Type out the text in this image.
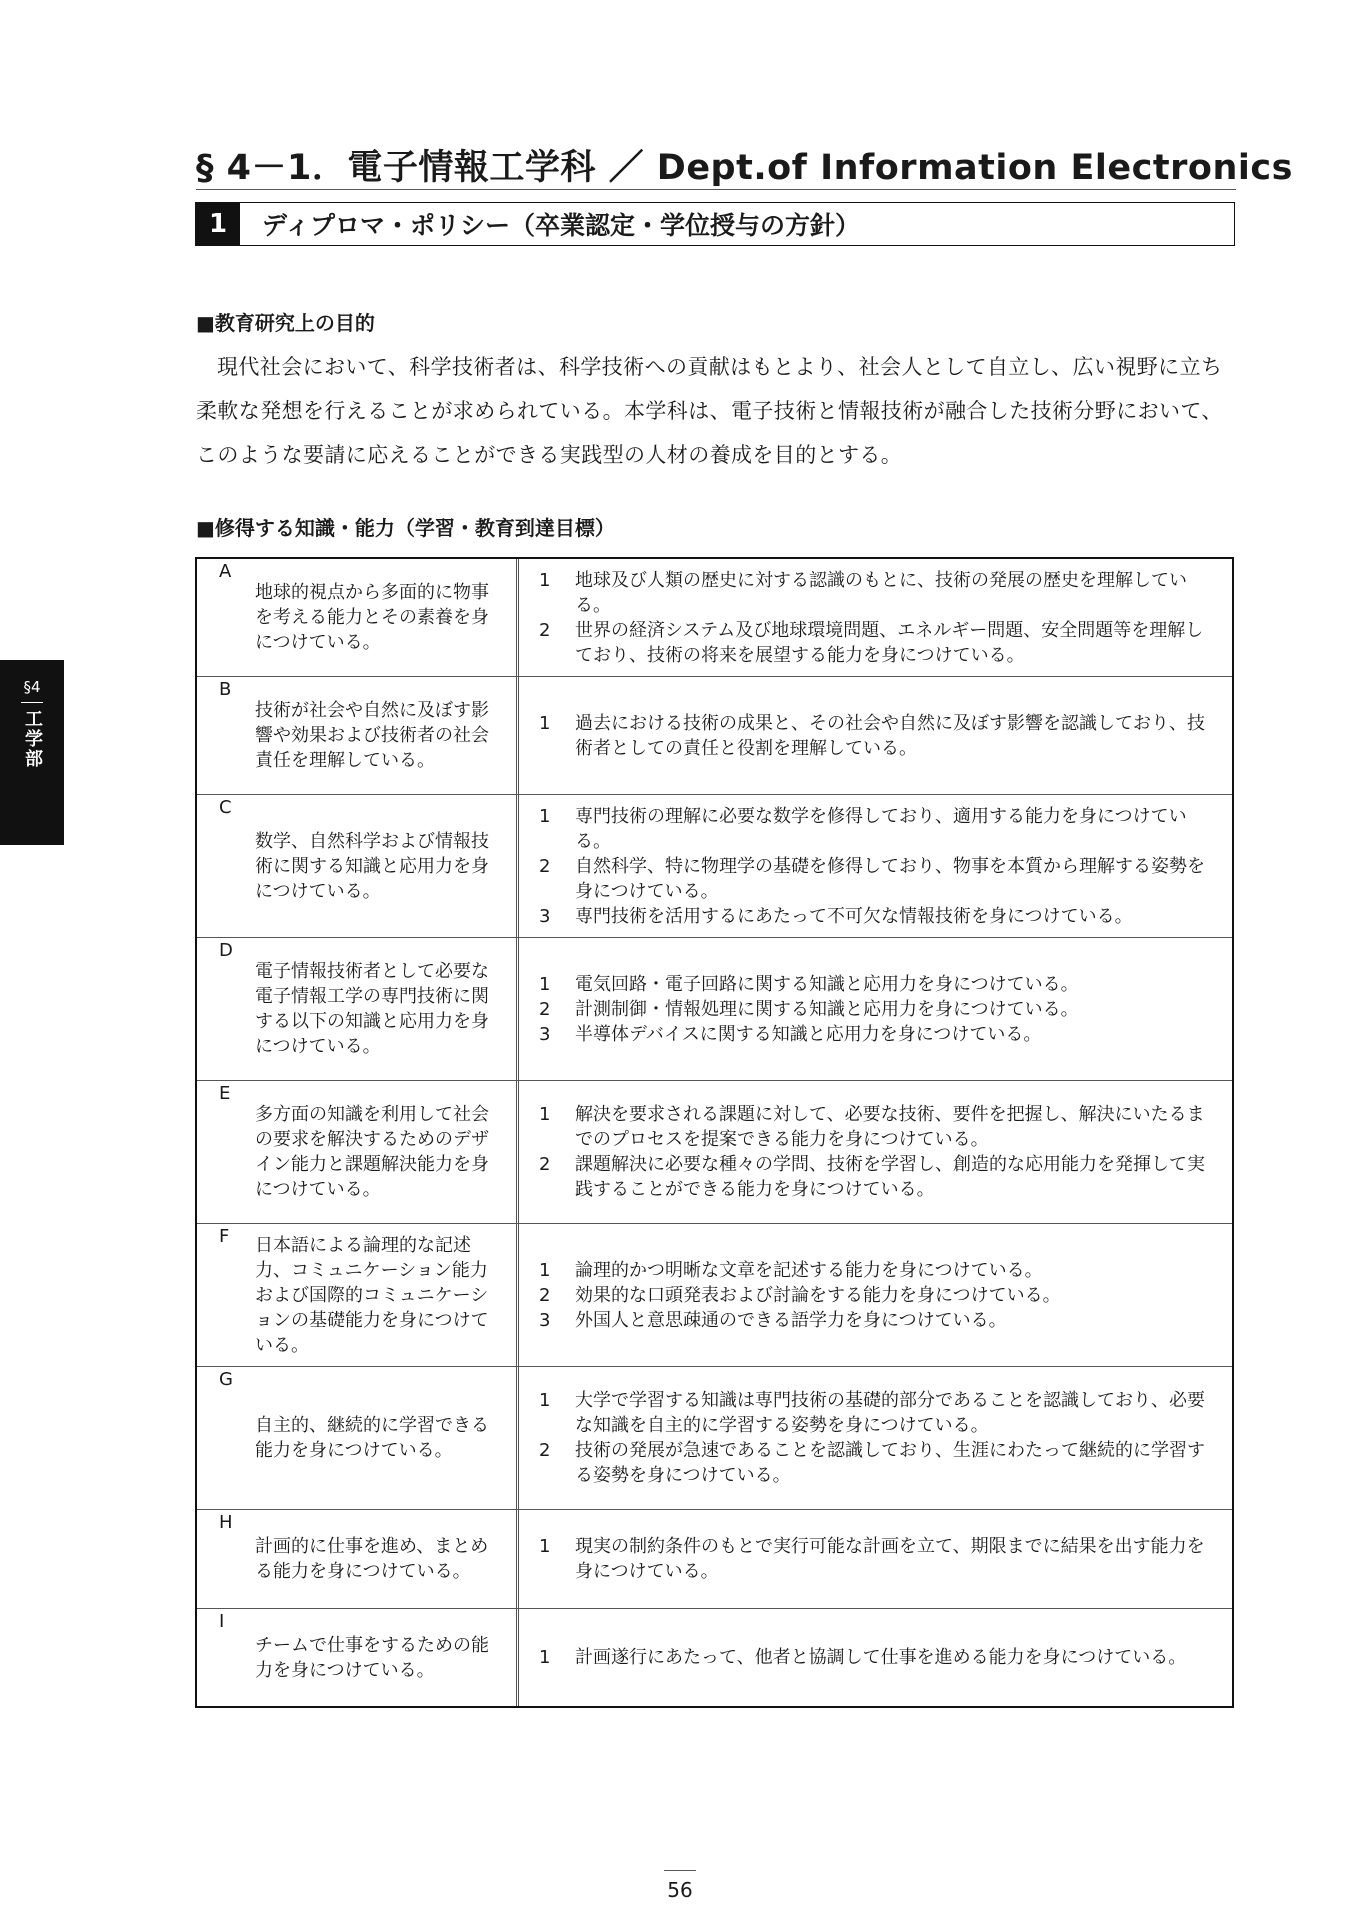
§ 4－1．電子情報工学科 ／ Dept.of Information Electronics
1	ディプロマ・ポリシー（卒業認定・学位授与の方針）
■教育研究上の目的
現代社会において、科学技術者は、科学技術への貢献はもとより、社会人として自立し、広い視野に立ち柔軟な発想を行えることが求められている。本学科は、電子技術と情報技術が融合した技術分野において、このような要請に応えることができる実践型の人材の養成を目的とする。
■修得する知識・能力（学習・教育到達目標）
§4
工学部
A
地球的視点から多面的に物事を考える能力とその素養を身につけている。
1	地球及び人類の歴史に対する認識のもとに、技術の発展の歴史を理解している。
2	世界の経済システム及び地球環境問題、エネルギー問題、安全問題等を理解しており、技術の将来を展望する能力を身につけている。
B
技術が社会や自然に及ぼす影響や効果および技術者の社会責任を理解している。
1	過去における技術の成果と、その社会や自然に及ぼす影響を認識しており、技術者としての責任と役割を理解している。
C
数学、自然科学および情報技術に関する知識と応用力を身につけている。
1	専門技術の理解に必要な数学を修得しており、適用する能力を身につけている。
2	自然科学、特に物理学の基礎を修得しており、物事を本質から理解する姿勢を身につけている。
3	専門技術を活用するにあたって不可欠な情報技術を身につけている。
D
電子情報技術者として必要な電子情報工学の専門技術に関する以下の知識と応用力を身につけている。
1	電気回路・電子回路に関する知識と応用力を身につけている。
2	計測制御・情報処理に関する知識と応用力を身につけている。
3	半導体デバイスに関する知識と応用力を身につけている。
E
多方面の知識を利用して社会の要求を解決するためのデザイン能力と課題解決能力を身につけている。
1	解決を要求される課題に対して、必要な技術、要件を把握し、解決にいたるまでのプロセスを提案できる能力を身につけている。
2	課題解決に必要な種々の学問、技術を学習し、創造的な応用能力を発揮して実践することができる能力を身につけている。
F	日本語による論理的な記述力、コミュニケーション能力および国際的コミュニケーションの基礎能力を身につけている。
1	論理的かつ明晰な文章を記述する能力を身につけている。
2	効果的な口頭発表および討論をする能力を身につけている。
3	外国人と意思疎通のできる語学力を身につけている。
G
自主的、継続的に学習できる能力を身につけている。
1	大学で学習する知識は専門技術の基礎的部分であることを認識しており、必要な知識を自主的に学習する姿勢を身につけている。
2	技術の発展が急速であることを認識しており、生涯にわたって継続的に学習する姿勢を身につけている。
H
計画的に仕事を進め、まとめる能力を身につけている。
1	現実の制約条件のもとで実行可能な計画を立て、期限までに結果を出す能力を身につけている。
I
チームで仕事をするための能力を身につけている。
1	計画遂行にあたって、他者と協調して仕事を進める能力を身につけている。
56
